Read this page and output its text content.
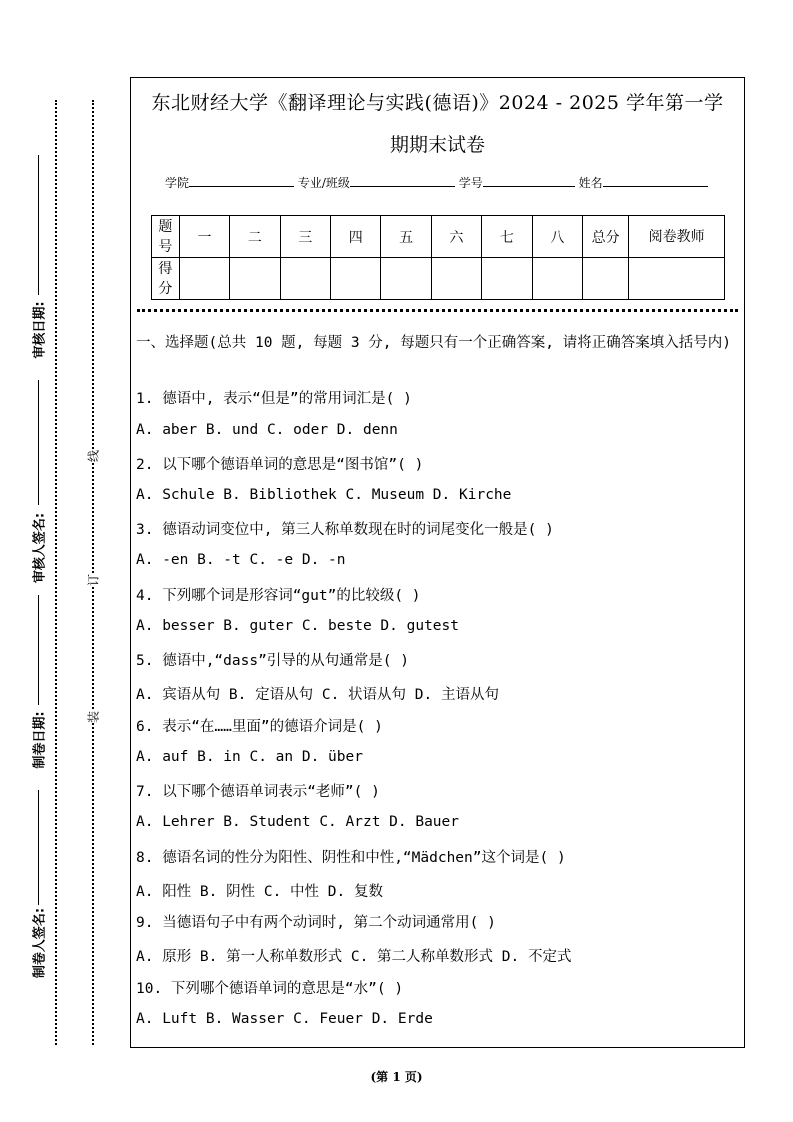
审核日期:
审核人签名:
制卷日期:
制卷人签名:
线
订
装
东北财经大学《翻译理论与实践(德语)》2024 - 2025 学年第一学
期期末试卷
学院	专业/班级	学号	姓名
题号	一	二	三	四	五	六	七	八	总分	阅卷教师
得分										
一、选择题(总共 10 题, 每题 3 分, 每题只有一个正确答案, 请将正确答案填入括号内)
1. 德语中, 表示“但是”的常用词汇是( )
A. aber B. und C. oder D. denn
2. 以下哪个德语单词的意思是“图书馆”( )
A. Schule B. Bibliothek C. Museum D. Kirche
3. 德语动词变位中, 第三人称单数现在时的词尾变化一般是( )
A. -en B. -t C. -e D. -n
4. 下列哪个词是形容词“gut”的比较级( )
A. besser B. guter C. beste D. gutest
5. 德语中,“dass”引导的从句通常是( )
A. 宾语从句 B. 定语从句 C. 状语从句 D. 主语从句
6. 表示“在……里面”的德语介词是( )
A. auf B. in C. an D. über
7. 以下哪个德语单词表示“老师”( )
A. Lehrer B. Student C. Arzt D. Bauer
8. 德语名词的性分为阳性、阴性和中性,“Mädchen”这个词是( )
A. 阳性 B. 阴性 C. 中性 D. 复数
9. 当德语句子中有两个动词时, 第二个动词通常用( )
A. 原形 B. 第一人称单数形式 C. 第二人称单数形式 D. 不定式
10. 下列哪个德语单词的意思是“水”( )
A. Luft B. Wasser C. Feuer D. Erde
(第 1 页)
